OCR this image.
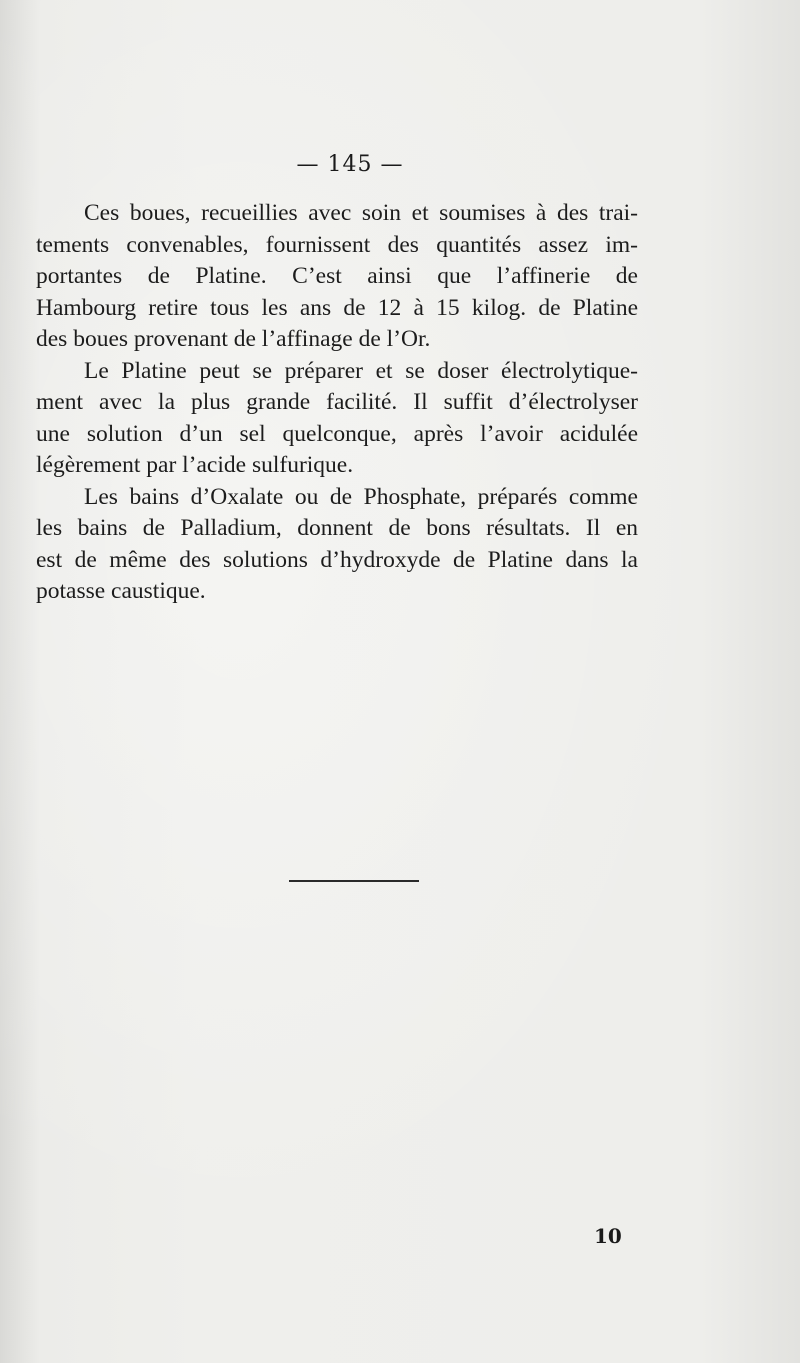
— 145 —

Ces boues, recueillies avec soin et soumises à des trai-
tements convenables, fournissent des quantités assez im-
portantes de Platine. C’est ainsi que l’affinerie de
Hambourg retire tous les ans de 12 à 15 kilog. de Platine
des boues provenant de l’affinage de l’Or.

Le Platine peut se préparer et se doser électrolytique-
ment avec la plus grande facilité. Il suffit d’électrolyser
une solution d’un sel quelconque, après l’avoir acidulée
légèrement par l’acide sulfurique.

Les bains d’Oxalate ou de Phosphate, préparés comme
les bains de Palladium, donnent de bons résultats. Il en
est de même des solutions d’hydroxyde de Platine dans la
potasse caustique.

10
